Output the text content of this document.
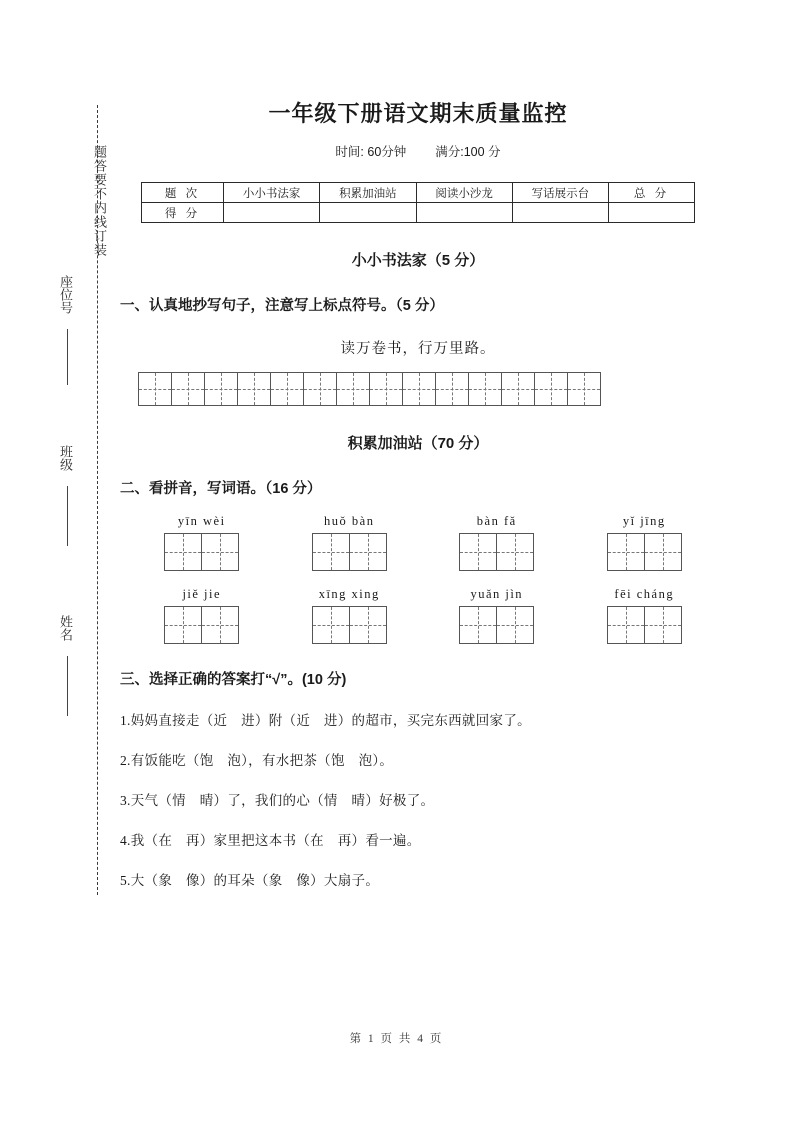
题答要不内线订装
座位号
班级
姓名
一年级下册语文期末质量监控
时间: 60分钟 满分:100 分
题 次	小小书法家	积累加油站	阅读小沙龙	写话展示台	总 分
得 分					
小小书法家（5 分）
一、认真地抄写句子，注意写上标点符号。（5 分）
读万卷书，行万里路。
积累加油站（70 分）
二、看拼音，写词语。（16 分）
yīn wèi	huǒ bàn	bàn fǎ	yǐ jīng
jiě jie	xīng xing	yuǎn jìn	fēi cháng
三、选择正确的答案打“√”。(10 分)
1.妈妈直接走（近　进）附（近　进）的超市，买完东西就回家了。
2.有饭能吃（饱　泡），有水把茶（饱　泡）。
3.天气（情　晴）了，我们的心（情　晴）好极了。
4.我（在　再）家里把这本书（在　再）看一遍。
5.大（象　像）的耳朵（象　像）大扇子。
第 1 页 共 4 页
